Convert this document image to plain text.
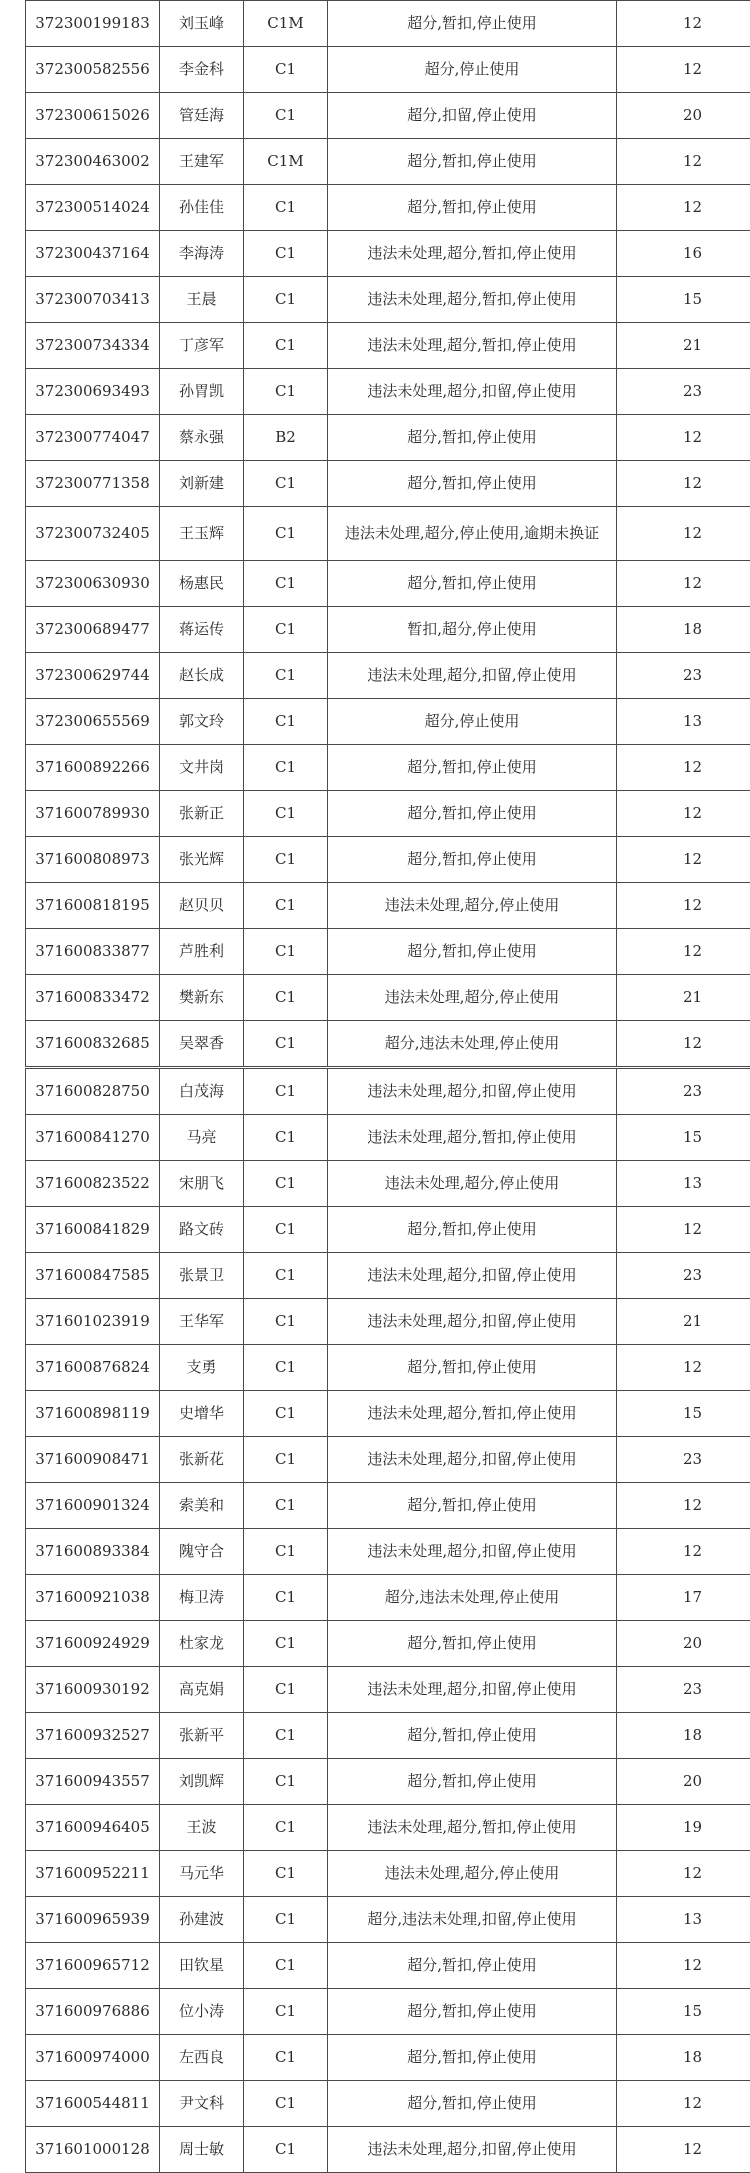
372300199183	刘玉峰	C1M	超分,暂扣,停止使用	12
372300582556	李金科	C1	超分,停止使用	12
372300615026	管廷海	C1	超分,扣留,停止使用	20
372300463002	王建军	C1M	超分,暂扣,停止使用	12
372300514024	孙佳佳	C1	超分,暂扣,停止使用	12
372300437164	李海涛	C1	违法未处理,超分,暂扣,停止使用	16
372300703413	王晨	C1	违法未处理,超分,暂扣,停止使用	15
372300734334	丁彦军	C1	违法未处理,超分,暂扣,停止使用	21
372300693493	孙胃凯	C1	违法未处理,超分,扣留,停止使用	23
372300774047	蔡永强	B2	超分,暂扣,停止使用	12
372300771358	刘新建	C1	超分,暂扣,停止使用	12
372300732405	王玉辉	C1	违法未处理,超分,停止使用,逾期未换证	12
372300630930	杨惠民	C1	超分,暂扣,停止使用	12
372300689477	蒋运传	C1	暂扣,超分,停止使用	18
372300629744	赵长成	C1	违法未处理,超分,扣留,停止使用	23
372300655569	郭文玲	C1	超分,停止使用	13
371600892266	文井岗	C1	超分,暂扣,停止使用	12
371600789930	张新正	C1	超分,暂扣,停止使用	12
371600808973	张光辉	C1	超分,暂扣,停止使用	12
371600818195	赵贝贝	C1	违法未处理,超分,停止使用	12
371600833877	芦胜利	C1	超分,暂扣,停止使用	12
371600833472	樊新东	C1	违法未处理,超分,停止使用	21
371600832685	吴翠香	C1	超分,违法未处理,停止使用	12
371600828750	白茂海	C1	违法未处理,超分,扣留,停止使用	23
371600841270	马亮	C1	违法未处理,超分,暂扣,停止使用	15
371600823522	宋朋飞	C1	违法未处理,超分,停止使用	13
371600841829	路文砖	C1	超分,暂扣,停止使用	12
371600847585	张景卫	C1	违法未处理,超分,扣留,停止使用	23
371601023919	王华军	C1	违法未处理,超分,扣留,停止使用	21
371600876824	支勇	C1	超分,暂扣,停止使用	12
371600898119	史增华	C1	违法未处理,超分,暂扣,停止使用	15
371600908471	张新花	C1	违法未处理,超分,扣留,停止使用	23
371600901324	索美和	C1	超分,暂扣,停止使用	12
371600893384	隗守合	C1	违法未处理,超分,扣留,停止使用	12
371600921038	梅卫涛	C1	超分,违法未处理,停止使用	17
371600924929	杜家龙	C1	超分,暂扣,停止使用	20
371600930192	高克娟	C1	违法未处理,超分,扣留,停止使用	23
371600932527	张新平	C1	超分,暂扣,停止使用	18
371600943557	刘凯辉	C1	超分,暂扣,停止使用	20
371600946405	王波	C1	违法未处理,超分,暂扣,停止使用	19
371600952211	马元华	C1	违法未处理,超分,停止使用	12
371600965939	孙建波	C1	超分,违法未处理,扣留,停止使用	13
371600965712	田钦星	C1	超分,暂扣,停止使用	12
371600976886	位小涛	C1	超分,暂扣,停止使用	15
371600974000	左西良	C1	超分,暂扣,停止使用	18
371600544811	尹文科	C1	超分,暂扣,停止使用	12
371601000128	周士敏	C1	违法未处理,超分,扣留,停止使用	12
